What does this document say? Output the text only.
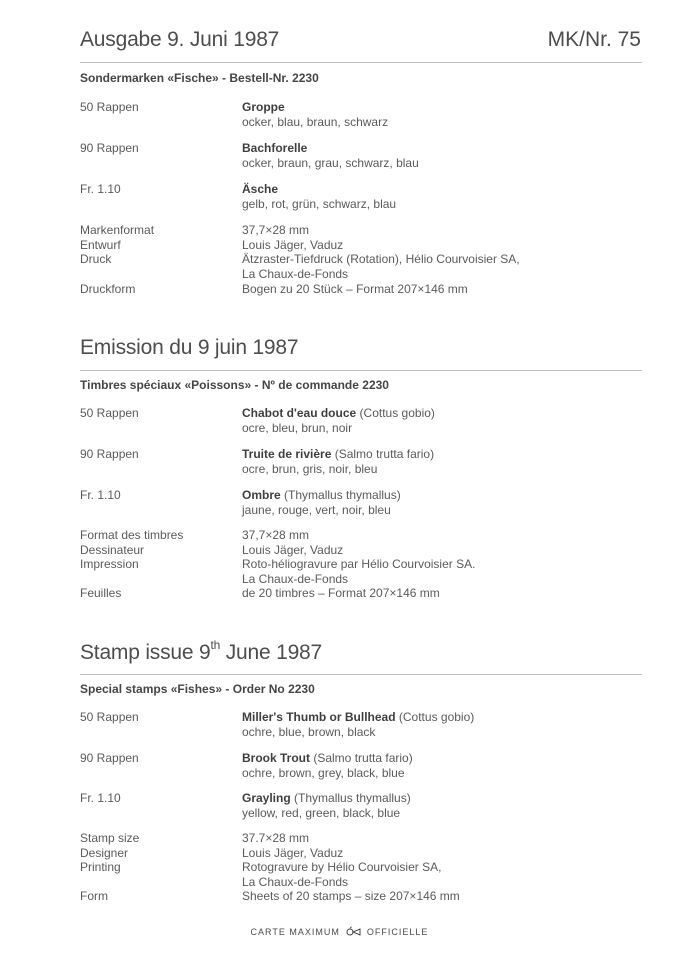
Ausgabe 9. Juni 1987	MK/Nr. 75
Sondermarken «Fische» - Bestell-Nr. 2230
50 Rappen	Groppe
ocker, blau, braun, schwarz
90 Rappen	Bachforelle
ocker, braun, grau, schwarz, blau
Fr. 1.10	Äsche
gelb, rot, grün, schwarz, blau
Markenformat	37,7×28 mm
Entwurf	Louis Jäger, Vaduz
Druck	Ätzraster-Tiefdruck (Rotation), Hélio Courvoisier SA,
La Chaux-de-Fonds
Druckform	Bogen zu 20 Stück – Format 207×146 mm
Emission du 9 juin 1987
Timbres spéciaux «Poissons» - Nº de commande 2230
50 Rappen	Chabot d'eau douce (Cottus gobio)
ocre, bleu, brun, noir
90 Rappen	Truite de rivière (Salmo trutta fario)
ocre, brun, gris, noir, bleu
Fr. 1.10	Ombre (Thymallus thymallus)
jaune, rouge, vert, noir, bleu
Format des timbres	37,7×28 mm
Dessinateur	Louis Jäger, Vaduz
Impression	Roto-héliogravure par Hélio Courvoisier SA.
La Chaux-de-Fonds
Feuilles	de 20 timbres – Format 207×146 mm
Stamp issue 9th June 1987
Special stamps «Fishes» - Order No 2230
50 Rappen	Miller's Thumb or Bullhead (Cottus gobio)
ochre, blue, brown, black
90 Rappen	Brook Trout (Salmo trutta fario)
ochre, brown, grey, black, blue
Fr. 1.10	Grayling (Thymallus thymallus)
yellow, red, green, black, blue
Stamp size	37.7×28 mm
Designer	Louis Jäger, Vaduz
Printing	Rotogravure by Hélio Courvoisier SA,
La Chaux-de-Fonds
Form	Sheets of 20 stamps – size 207×146 mm
CARTE MAXIMUM	OFFICIELLE
